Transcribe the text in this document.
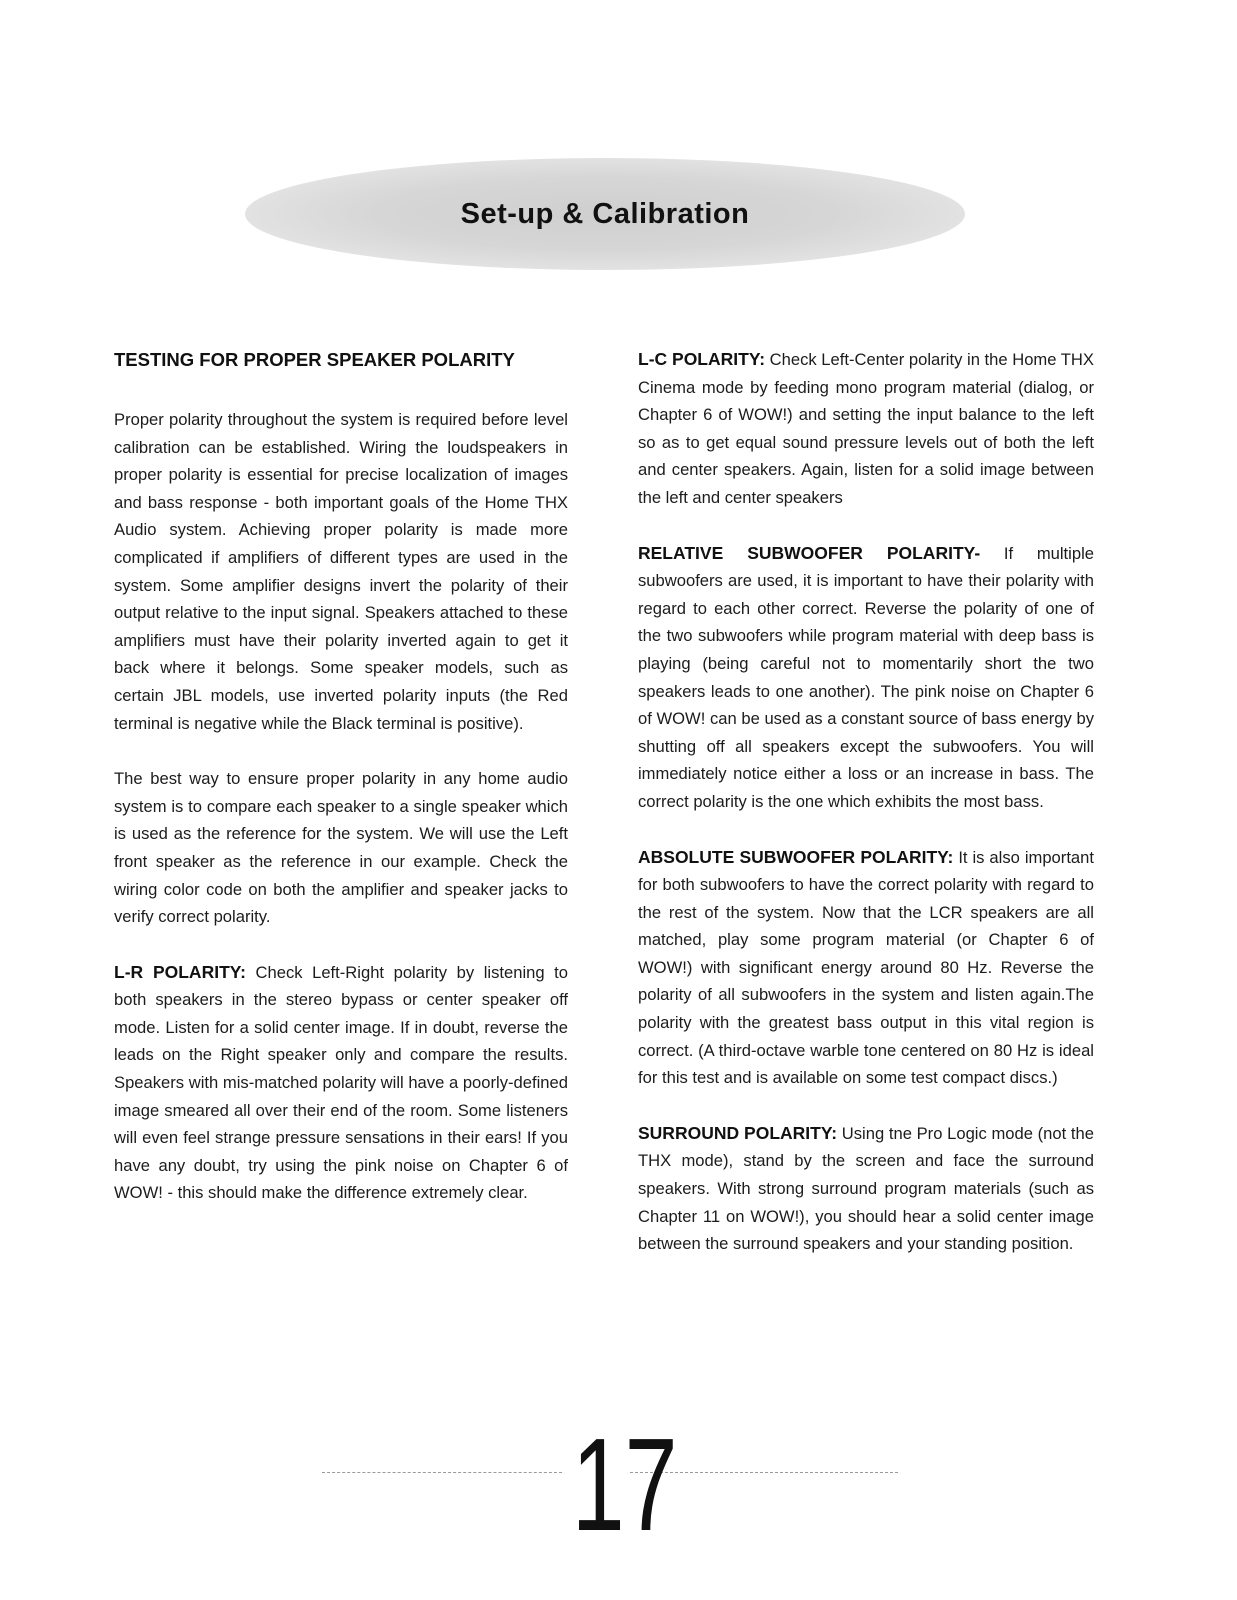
Set-up & Calibration
TESTING FOR PROPER SPEAKER POLARITY

Proper polarity throughout the system is required before level calibration can be established. Wiring the loudspeakers in proper polarity is essential for precise localization of images and bass response - both important goals of the Home THX Audio system. Achieving proper polarity is made more complicated if amplifiers of different types are used in the system. Some amplifier designs invert the polarity of their output relative to the input signal. Speakers attached to these amplifiers must have their polarity inverted again to get it back where it belongs. Some speaker models, such as certain JBL models, use inverted polarity inputs (the Red terminal is negative while the Black terminal is positive).

The best way to ensure proper polarity in any home audio system is to compare each speaker to a single speaker which is used as the reference for the system. We will use the Left front speaker as the reference in our example. Check the wiring color code on both the amplifier and speaker jacks to verify correct polarity.

L-R POLARITY: Check Left-Right polarity by listening to both speakers in the stereo bypass or center speaker off mode. Listen for a solid center image. If in doubt, reverse the leads on the Right speaker only and compare the results. Speakers with mis-matched polarity will have a poorly-defined image smeared all over their end of the room. Some listeners will even feel strange pressure sensations in their ears! If you have any doubt, try using the pink noise on Chapter 6 of WOW! - this should make the difference extremely clear.

L-C POLARITY: Check Left-Center polarity in the Home THX Cinema mode by feeding mono program material (dialog, or Chapter 6 of WOW!) and setting the input balance to the left so as to get equal sound pressure levels out of both the left and center speakers. Again, listen for a solid image between the left and center speakers

RELATIVE SUBWOOFER POLARITY- If multiple subwoofers are used, it is important to have their polarity with regard to each other correct. Reverse the polarity of one of the two subwoofers while program material with deep bass is playing (being careful not to momentarily short the two speakers leads to one another). The pink noise on Chapter 6 of WOW! can be used as a constant source of bass energy by shutting off all speakers except the subwoofers. You will immediately notice either a loss or an increase in bass. The correct polarity is the one which exhibits the most bass.

ABSOLUTE SUBWOOFER POLARITY: It is also important for both subwoofers to have the correct polarity with regard to the rest of the system. Now that the LCR speakers are all matched, play some program material (or Chapter 6 of WOW!) with significant energy around 80 Hz. Reverse the polarity of all subwoofers in the system and listen again.The polarity with the greatest bass output in this vital region is correct. (A third-octave warble tone centered on 80 Hz is ideal for this test and is available on some test compact discs.)

SURROUND POLARITY: Using tne Pro Logic mode (not the THX mode), stand by the screen and face the surround speakers. With strong surround program materials (such as Chapter 11 on WOW!), you should hear a solid center image between the surround speakers and your standing position.

17
